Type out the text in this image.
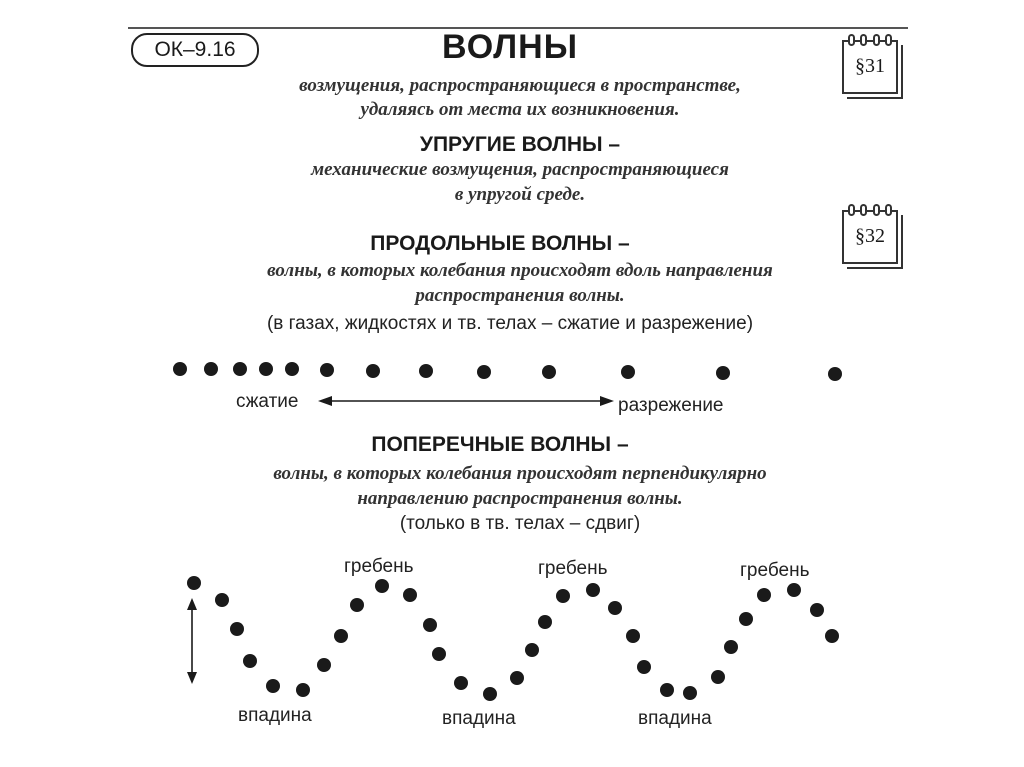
ОК–9.16	ВОЛНЫ
возмущения, распространяющиеся в пространстве,
удаляясь от места их возникновения.
§31
УПРУГИЕ ВОЛНЫ –
механические возмущения, распространяющиеся
в упругой среде.
§32
ПРОДОЛЬНЫЕ ВОЛНЫ –
волны, в которых колебания происходят вдоль направления
распространения волны.
(в газах, жидкостях и тв. телах – сжатие и разрежение)
сжатие	разрежение
ПОПЕРЕЧНЫЕ ВОЛНЫ –
волны, в которых колебания происходят перпендикулярно
направлению распространения волны.
(только в тв. телах – сдвиг)
гребень	гребень	гребень
впадина	впадина	впадина
